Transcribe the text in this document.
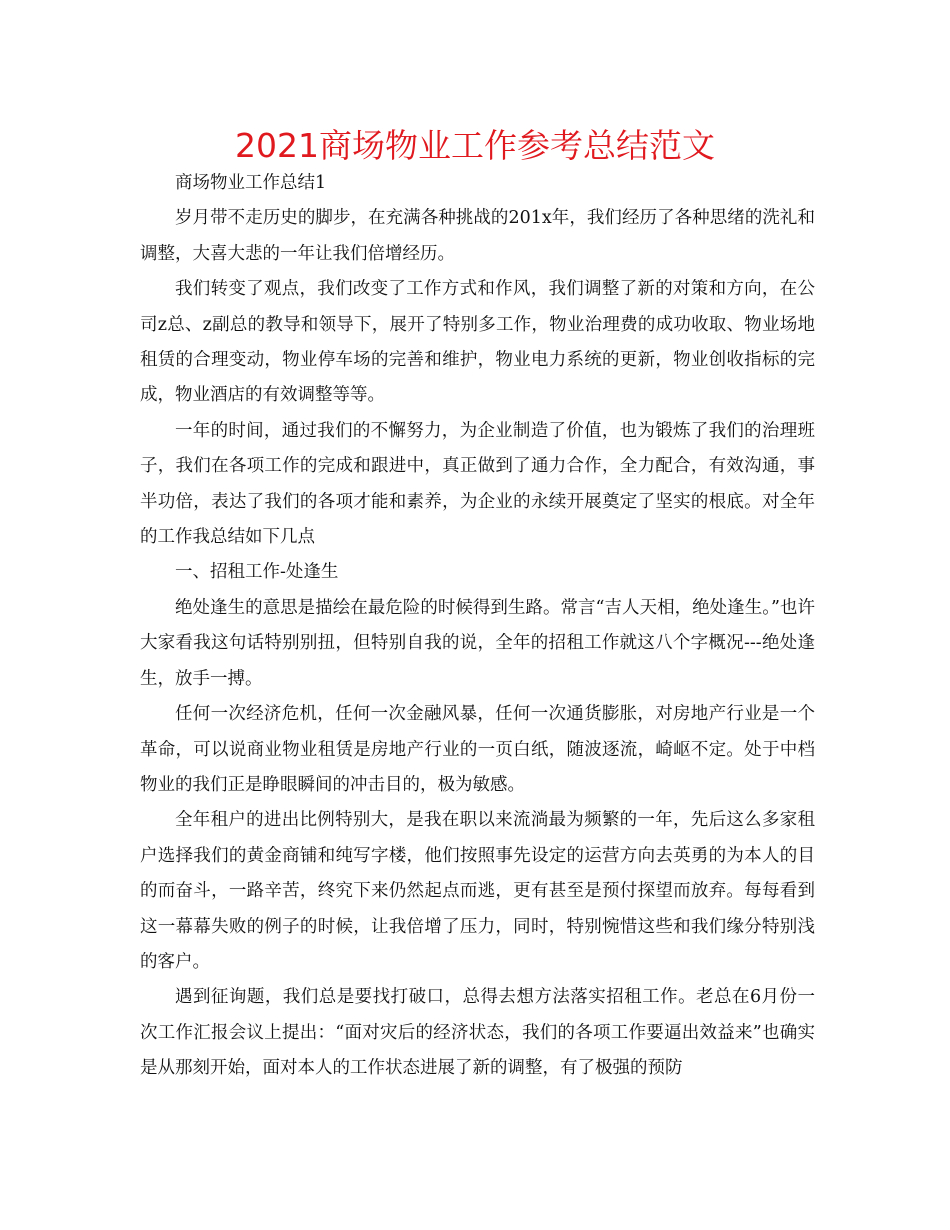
2021商场物业工作参考总结范文

商场物业工作总结1

岁月带不走历史的脚步，在充满各种挑战的201x年，我们经历了各种思绪的洗礼和调整，大喜大悲的一年让我们倍增经历。

我们转变了观点，我们改变了工作方式和作风，我们调整了新的对策和方向，在公司z总、z副总的教导和领导下，展开了特别多工作，物业治理费的成功收取、物业场地租赁的合理变动，物业停车场的完善和维护，物业电力系统的更新，物业创收指标的完成，物业酒店的有效调整等等。

一年的时间，通过我们的不懈努力，为企业制造了价值，也为锻炼了我们的治理班子，我们在各项工作的完成和跟进中，真正做到了通力合作，全力配合，有效沟通，事半功倍，表达了我们的各项才能和素养，为企业的永续开展奠定了坚实的根底。对全年的工作我总结如下几点

一、招租工作-处逢生

绝处逢生的意思是描绘在最危险的时候得到生路。常言“吉人天相，绝处逢生。”也许大家看我这句话特别别扭，但特别自我的说，全年的招租工作就这八个字概况---绝处逢生，放手一搏。

任何一次经济危机，任何一次金融风暴，任何一次通货膨胀，对房地产行业是一个革命，可以说商业物业租赁是房地产行业的一页白纸，随波逐流，崎岖不定。处于中档物业的我们正是睁眼瞬间的冲击目的，极为敏感。

全年租户的进出比例特别大，是我在职以来流淌最为频繁的一年，先后这么多家租户选择我们的黄金商铺和纯写字楼，他们按照事先设定的运营方向去英勇的为本人的目的而奋斗，一路辛苦，终究下来仍然起点而逃，更有甚至是预付探望而放弃。每每看到这一幕幕失败的例子的时候，让我倍增了压力，同时，特别惋惜这些和我们缘分特别浅的客户。

遇到征询题，我们总是要找打破口，总得去想方法落实招租工作。老总在6月份一次工作汇报会议上提出：“面对灾后的经济状态，我们的各项工作要逼出效益来”也确实是从那刻开始，面对本人的工作状态进展了新的调整，有了极强的预防
